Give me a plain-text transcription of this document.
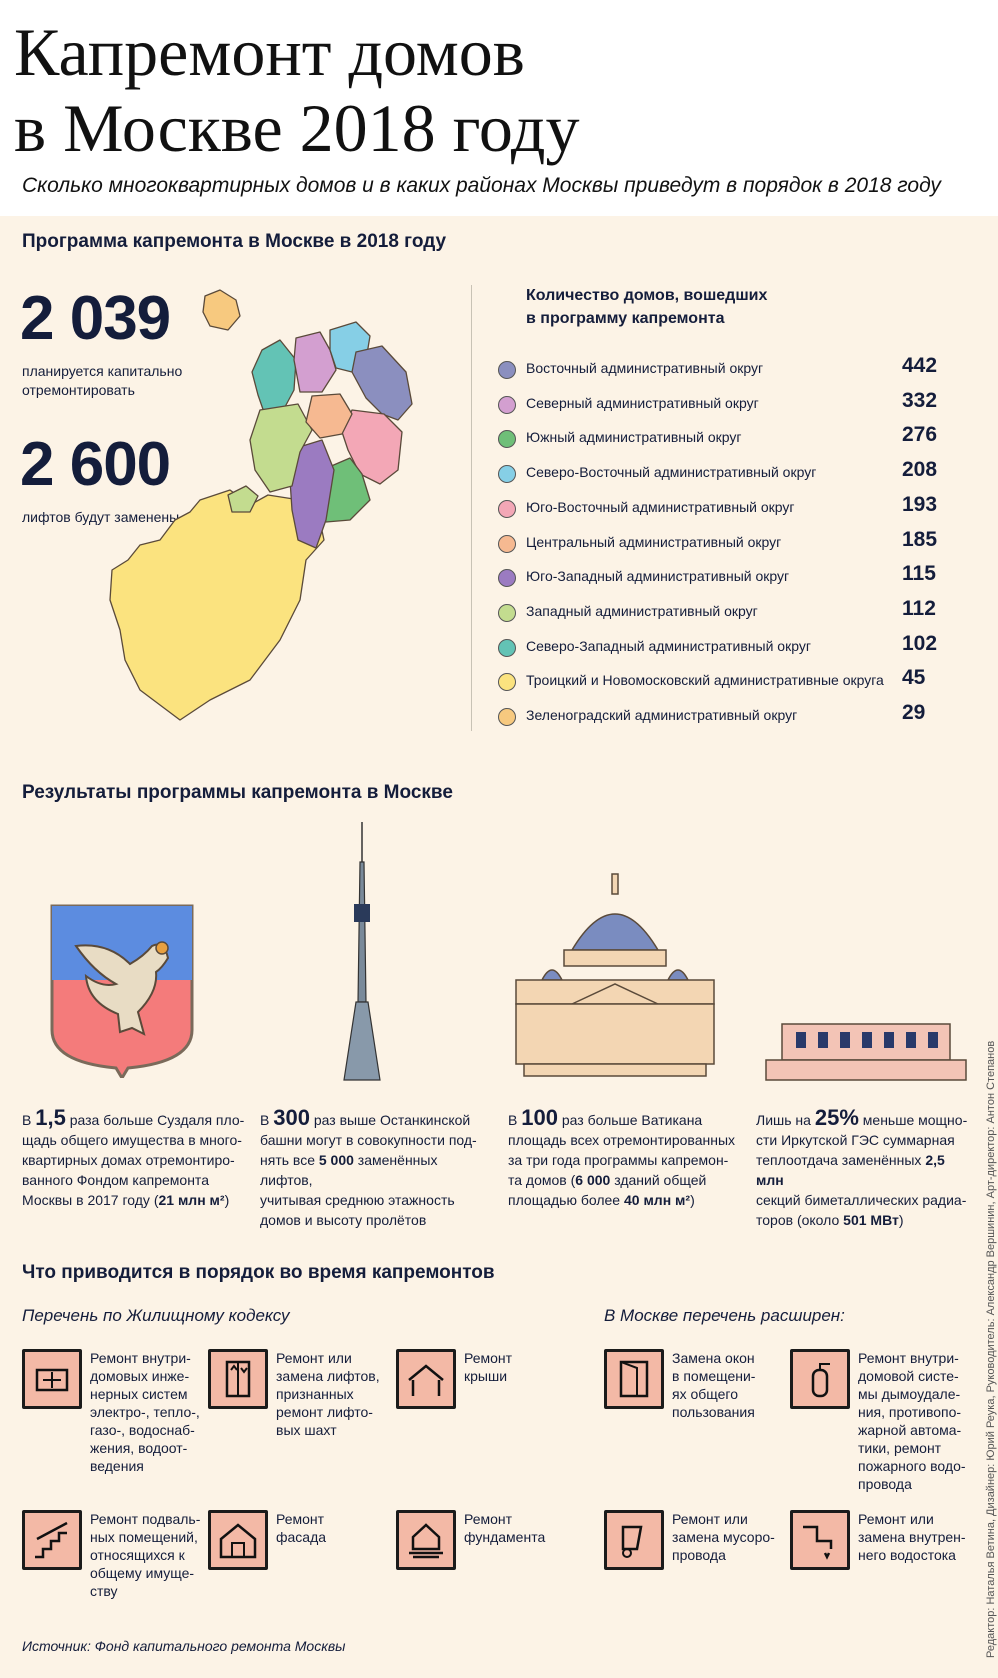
Капремонт домов
в Москве 2018 году
Сколько многоквартирных домов и в каких районах Москвы приведут в порядок в 2018 году
Программа капремонта в Москве в 2018 году
2 039
планируется капитально
отремонтировать
2 600
лифтов будут заменены
Количество домов, вошедших
в программу капремонта
Восточный административный округ	442
Северный административный округ	332
Южный административный округ	276
Северо-Восточный административный округ	208
Юго-Восточный административный округ	193
Центральный административный округ	185
Юго-Западный административный округ	115
Западный административный округ	112
Северо-Западный административный округ	102
Троицкий и Новомосковский административные округа 45
Зеленоградский административный округ	29
Результаты программы капремонта в Москве
В 1,5 раза больше Суздаля пло-
щадь общего имущества в много-
квартирных домах отремонтиро-
ванного Фондом капремонта
Москвы в 2017 году (21 млн м²)
В 300 раз выше Останкинской
башни могут в совокупности под-
нять все 5 000 заменённых лифтов,
учитывая среднюю этажность
домов и высоту пролётов
В 100 раз больше Ватикана
площадь всех отремонтированных
за три года программы капремон-
та домов (6 000 зданий общей
площадью более 40 млн м²)
Лишь на 25% меньше мощно-
сти Иркутской ГЭС суммарная
теплоотдача заменённых 2,5 млн
секций биметаллических радиа-
торов (около 501 МВт)
Что приводится в порядок во время капремонтов
Перечень по Жилищному кодексу	В Москве перечень расширен:
Ремонт внутри-
домовых инже-
нерных систем
электро-, тепло-,
газо-, водоснаб-
жения, водоот-
ведения

Ремонт или
замена лифтов,
признанных
ремонт лифто-
вых шахт

Ремонт
крыши

Замена окон
в помещени-
ях общего
пользования

Ремонт внутри-
домовой систе-
мы дымоудале-
ния, противопо-
жарной автома-
тики, ремонт
пожарного водо-
провода

Ремонт подваль-
ных помещений,
относящихся к
общему имуще-
ству

Ремонт
фасада

Ремонт
фундамента

Ремонт или
замена мусоро-
провода

Ремонт или
замена внутрен-
него водостока

Источник: Фонд капитального ремонта Москвы	Редактор: Наталья Ветина, Дизайнер: Юрий Реука, Руководитель: Александр Вершинин, Арт-директор: Антон Степанов
